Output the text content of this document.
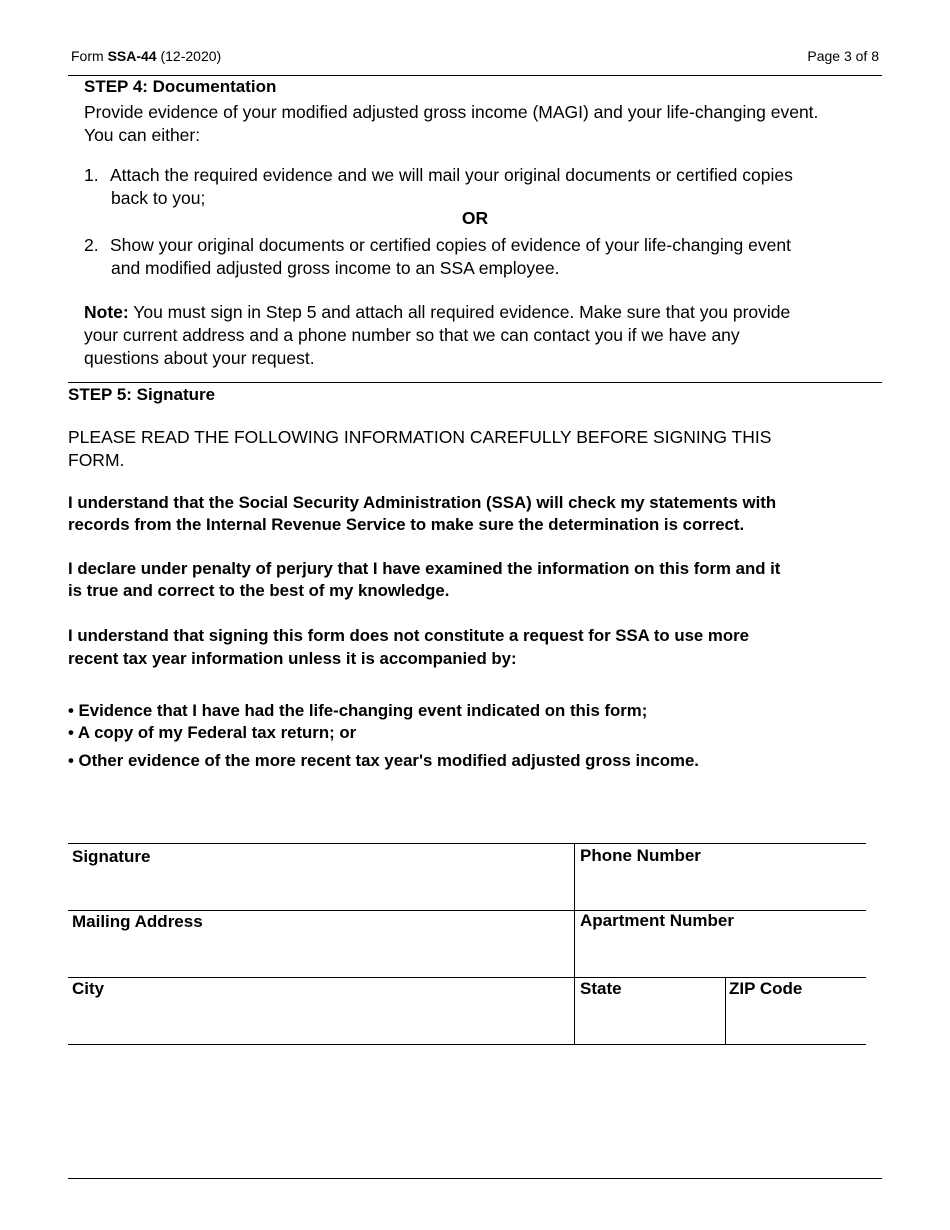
Form SSA-44 (12-2020)	Page 3 of 8
STEP 4: Documentation
Provide evidence of your modified adjusted gross income (MAGI) and your life-changing event.
You can either:
1. Attach the required evidence and we will mail your original documents or certified copies
back to you;
OR
2. Show your original documents or certified copies of evidence of your life-changing event
and modified adjusted gross income to an SSA employee.
Note: You must sign in Step 5 and attach all required evidence. Make sure that you provide
your current address and a phone number so that we can contact you if we have any
questions about your request.
STEP 5: Signature
PLEASE READ THE FOLLOWING INFORMATION CAREFULLY BEFORE SIGNING THIS
FORM.
I understand that the Social Security Administration (SSA) will check my statements with
records from the Internal Revenue Service to make sure the determination is correct.
I declare under penalty of perjury that I have examined the information on this form and it
is true and correct to the best of my knowledge.
I understand that signing this form does not constitute a request for SSA to use more
recent tax year information unless it is accompanied by:
• Evidence that I have had the life-changing event indicated on this form;
• A copy of my Federal tax return; or
• Other evidence of the more recent tax year's modified adjusted gross income.
Signature	Phone Number
Mailing Address	Apartment Number
City	State	ZIP Code
